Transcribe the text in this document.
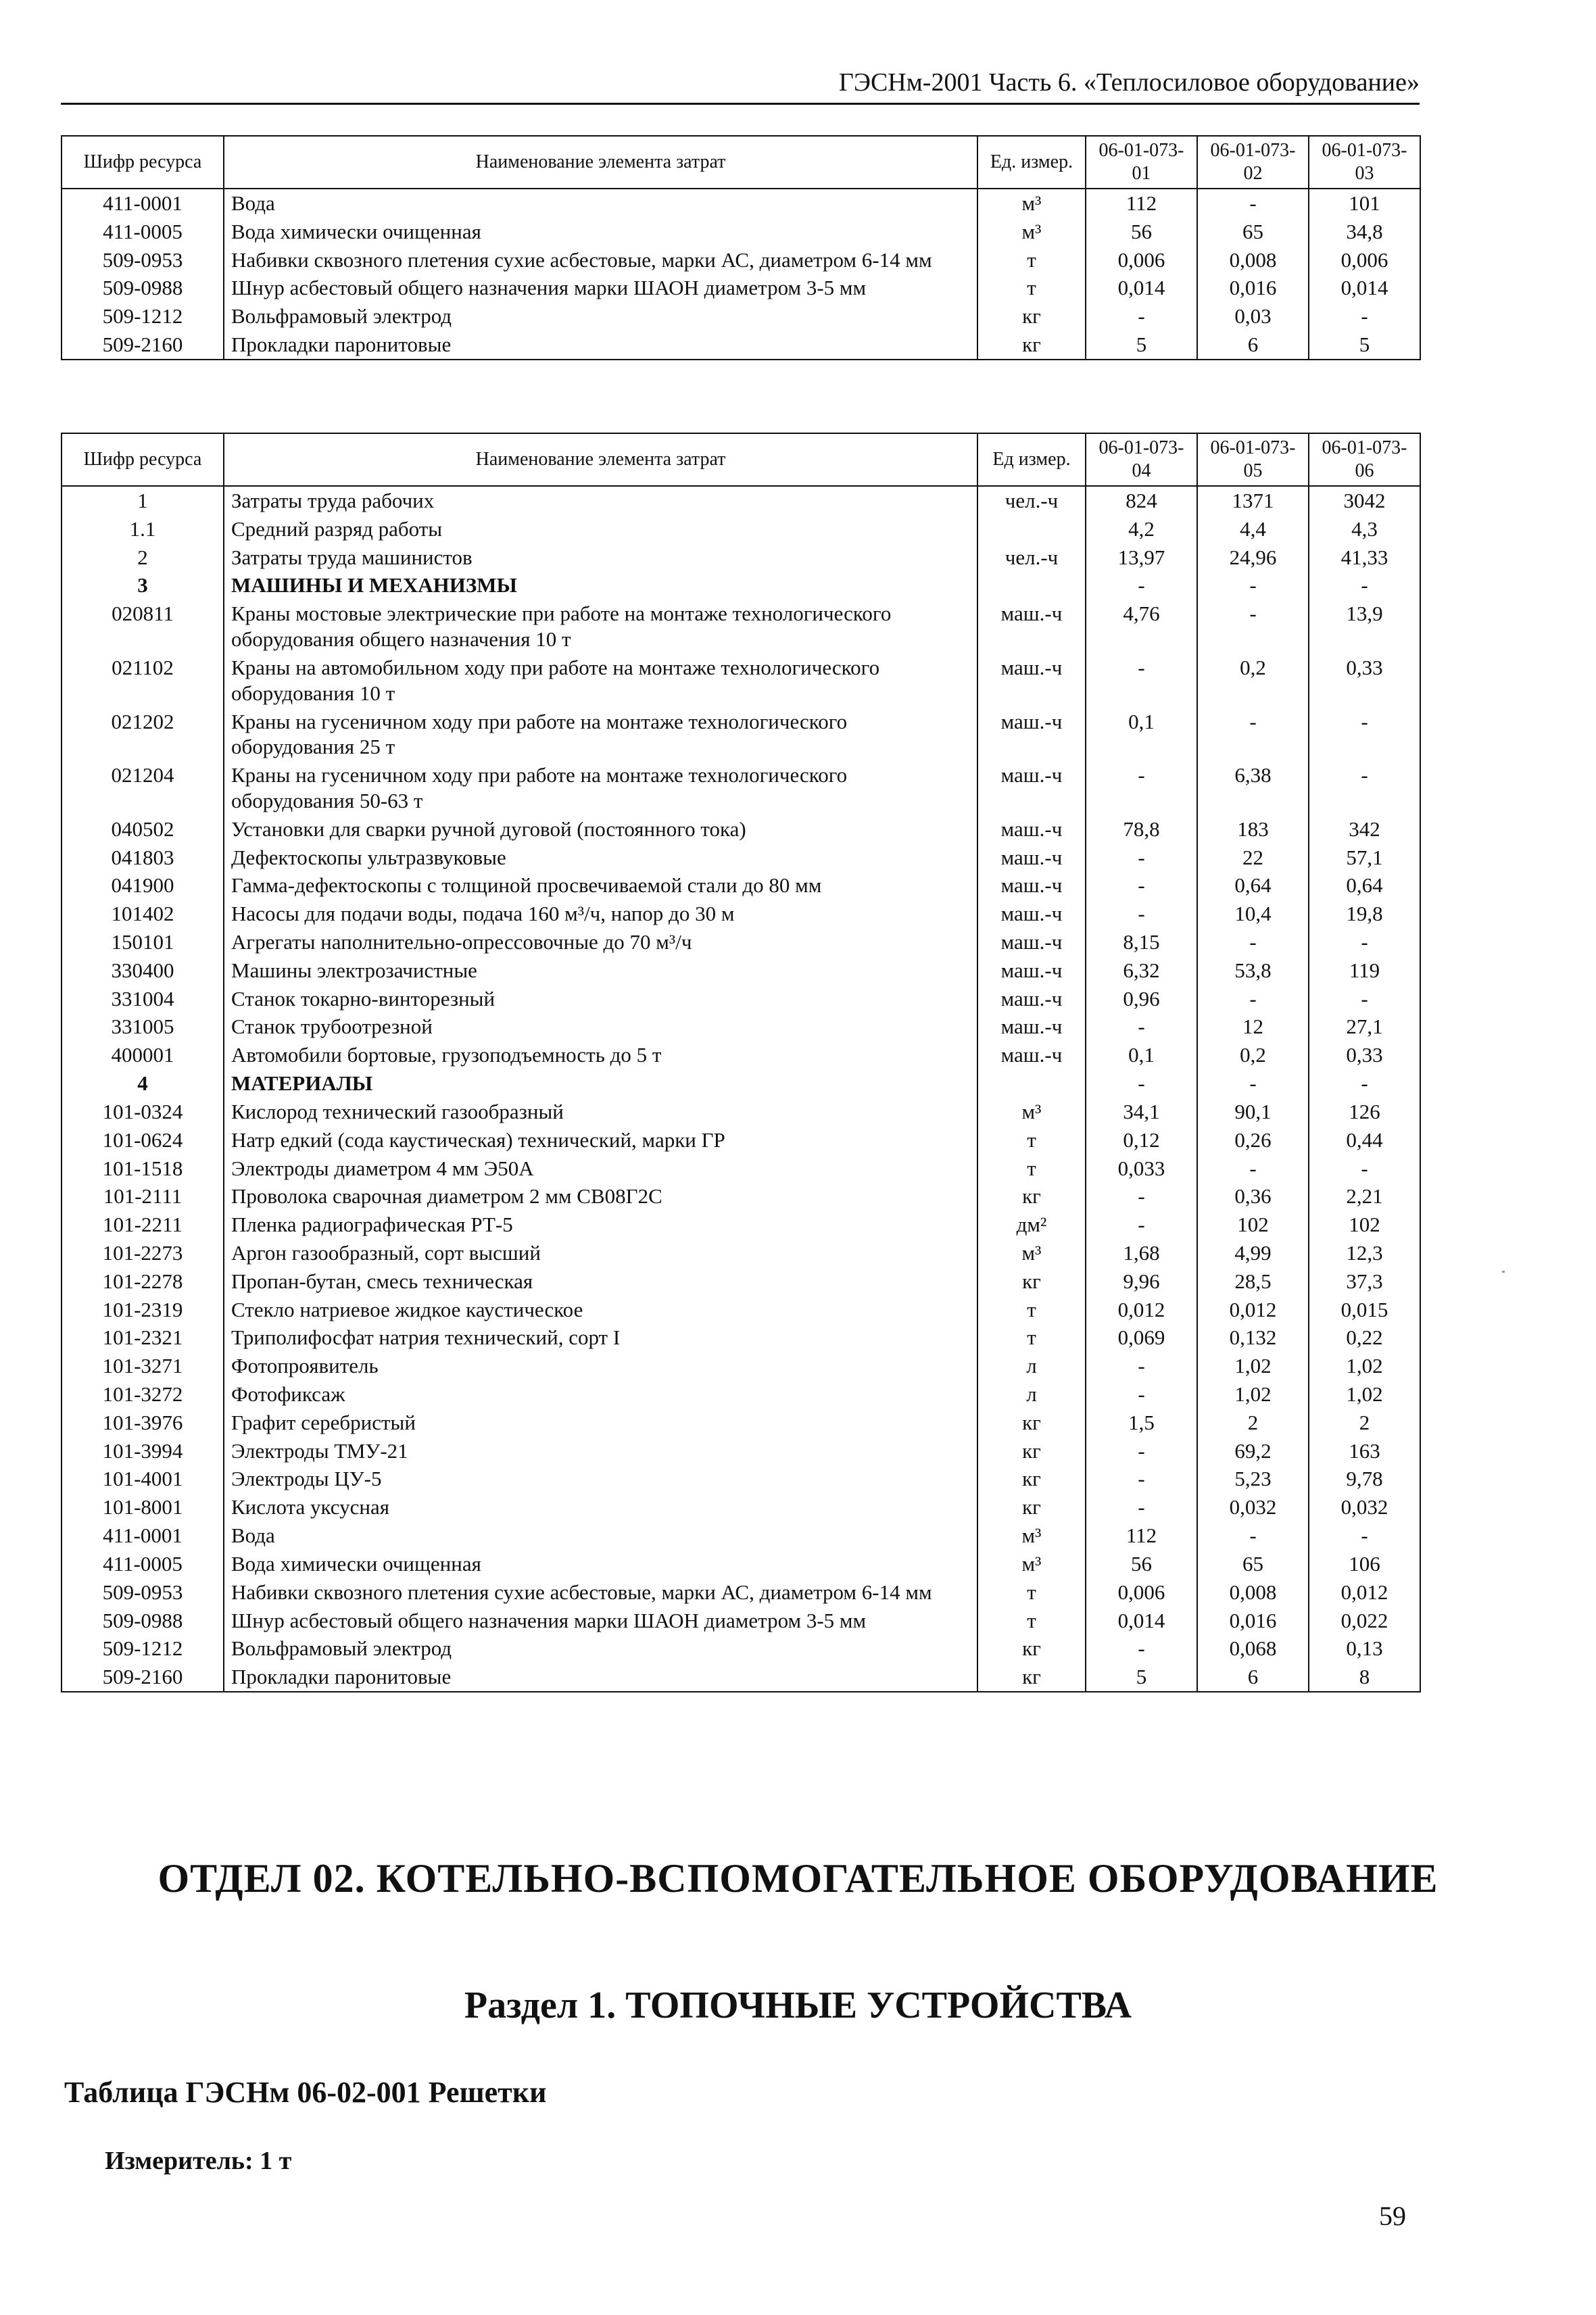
ГЭСНм-2001 Часть 6. «Теплосиловое оборудование»
Шифр ресурса	Наименование элемента затрат	Ед. измер.	06-01-073-01	06-01-073-02	06-01-073-03
411-0001	Вода	м³	112	-	101
411-0005	Вода химически очищенная	м³	56	65	34,8
509-0953	Набивки сквозного плетения сухие асбестовые, марки АС, диаметром 6-14 мм	т	0,006	0,008	0,006
509-0988	Шнур асбестовый общего назначения марки ШАОН диаметром 3-5 мм	т	0,014	0,016	0,014
509-1212	Вольфрамовый электрод	кг	-	0,03	-
509-2160	Прокладки паронитовые	кг	5	6	5
Шифр ресурса	Наименование элемента затрат	Ед измер.	06-01-073-04	06-01-073-05	06-01-073-06
1	Затраты труда рабочих	чел.-ч	824	1371	3042
1.1	Средний разряд работы		4,2	4,4	4,3
2	Затраты труда машинистов	чел.-ч	13,97	24,96	41,33
3	МАШИНЫ И МЕХАНИЗМЫ		-	-	-
020811	Краны мостовые электрические при работе на монтаже технологического оборудования общего назначения 10 т	маш.-ч	4,76	-	13,9
021102	Краны на автомобильном ходу при работе на монтаже технологического оборудования 10 т	маш.-ч	-	0,2	0,33
021202	Краны на гусеничном ходу при работе на монтаже технологического оборудования 25 т	маш.-ч	0,1	-	-
021204	Краны на гусеничном ходу при работе на монтаже технологического оборудования 50-63 т	маш.-ч	-	6,38	-
040502	Установки для сварки ручной дуговой (постоянного тока)	маш.-ч	78,8	183	342
041803	Дефектоскопы ультразвуковые	маш.-ч	-	22	57,1
041900	Гамма-дефектоскопы с толщиной просвечиваемой стали до 80 мм	маш.-ч	-	0,64	0,64
101402	Насосы для подачи воды, подача 160 м³/ч, напор до 30 м	маш.-ч	-	10,4	19,8
150101	Агрегаты наполнительно-опрессовочные до 70 м³/ч	маш.-ч	8,15	-	-
330400	Машины электрозачистные	маш.-ч	6,32	53,8	119
331004	Станок токарно-винторезный	маш.-ч	0,96	-	-
331005	Станок трубоотрезной	маш.-ч	-	12	27,1
400001	Автомобили бортовые, грузоподъемность до 5 т	маш.-ч	0,1	0,2	0,33
4	МАТЕРИАЛЫ		-	-	-
101-0324	Кислород технический газообразный	м³	34,1	90,1	126
101-0624	Натр едкий (сода каустическая) технический, марки ГР	т	0,12	0,26	0,44
101-1518	Электроды диаметром 4 мм Э50А	т	0,033	-	-
101-2111	Проволока сварочная диаметром 2 мм СВ08Г2С	кг	-	0,36	2,21
101-2211	Пленка радиографическая РТ-5	дм²	-	102	102
101-2273	Аргон газообразный, сорт высший	м³	1,68	4,99	12,3
101-2278	Пропан-бутан, смесь техническая	кг	9,96	28,5	37,3
101-2319	Стекло натриевое жидкое каустическое	т	0,012	0,012	0,015
101-2321	Триполифосфат натрия технический, сорт I	т	0,069	0,132	0,22
101-3271	Фотопроявитель	л	-	1,02	1,02
101-3272	Фотофиксаж	л	-	1,02	1,02
101-3976	Графит серебристый	кг	1,5	2	2
101-3994	Электроды ТМУ-21	кг	-	69,2	163
101-4001	Электроды ЦУ-5	кг	-	5,23	9,78
101-8001	Кислота уксусная	кг	-	0,032	0,032
411-0001	Вода	м³	112	-	-
411-0005	Вода химически очищенная	м³	56	65	106
509-0953	Набивки сквозного плетения сухие асбестовые, марки АС, диаметром 6-14 мм	т	0,006	0,008	0,012
509-0988	Шнур асбестовый общего назначения марки ШАОН диаметром 3-5 мм	т	0,014	0,016	0,022
509-1212	Вольфрамовый электрод	кг	-	0,068	0,13
509-2160	Прокладки паронитовые	кг	5	6	8
ОТДЕЛ 02. КОТЕЛЬНО-ВСПОМОГАТЕЛЬНОЕ ОБОРУДОВАНИЕ
Раздел 1. ТОПОЧНЫЕ УСТРОЙСТВА
Таблица ГЭСНм 06-02-001 Решетки
Измеритель: 1 т
59
